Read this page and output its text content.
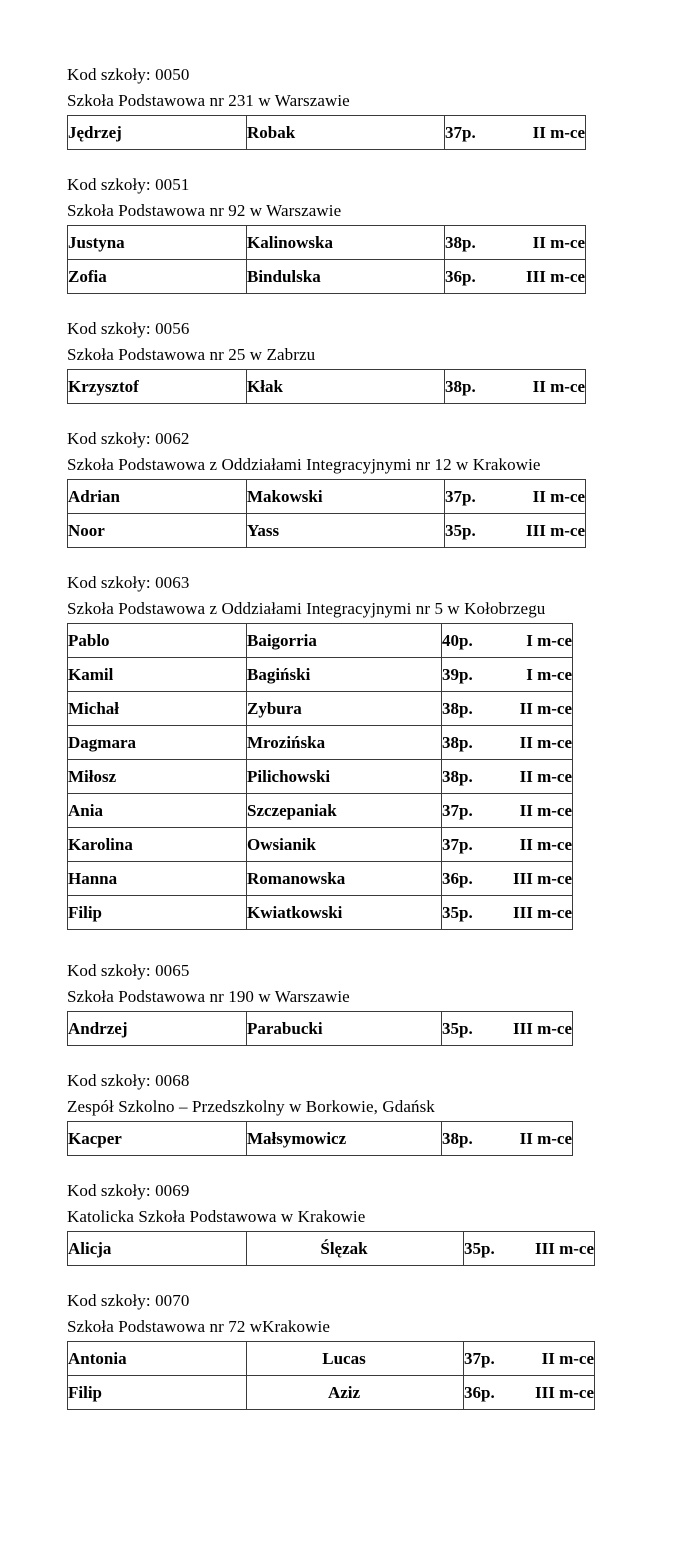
Kod szkoły: 0050
Szkoła Podstawowa nr 231 w Warszawie
Jędrzej	Robak	37p.	II m-ce
Kod szkoły: 0051
Szkoła Podstawowa nr 92 w Warszawie
Justyna	Kalinowska	38p. II m-ce

Zofia	Bindulska	36p. III m-ce
Kod szkoły: 0056
Szkoła Podstawowa nr 25 w Zabrzu
Krzysztof	Kłak	38p.	II m-ce
Kod szkoły: 0062
Szkoła Podstawowa z Oddziałami Integracyjnymi nr 12 w Krakowie
Adrian	Makowski	37p. II m-ce

Noor	Yass	35p. III m-ce
Kod szkoły: 0063
Szkoła Podstawowa z Oddziałami Integracyjnymi nr 5 w Kołobrzegu
Pablo	Baigorria	40p. I m-ce

Kamil	Bagiński	39p. I m-ce

Michał	Zybura	38p. II m-ce

Dagmara	Mrozińska	38p. II m-ce

Miłosz	Pilichowski	38p. II m-ce

Ania	Szczepaniak	37p. II m-ce

Karolina	Owsianik	37p. II m-ce

Hanna	Romanowska	36p. III m-ce

Filip	Kwiatkowski	35p. III m-ce
Kod szkoły: 0065
Szkoła Podstawowa nr 190 w Warszawie
Andrzej	Parabucki	35p. III m-ce
Kod szkoły: 0068
Zespół Szkolno – Przedszkolny w Borkowie, Gdańsk
Kacper	Małsymowicz	38p.	II m-ce
Kod szkoły: 0069
Katolicka Szkoła Podstawowa w Krakowie
Alicja	Ślęzak	35p. III m-ce
Kod szkoły: 0070
Szkoła Podstawowa nr 72 wKrakowie
Antonia	Lucas	37p. II m-ce

Filip	Aziz	36p. III m-ce
